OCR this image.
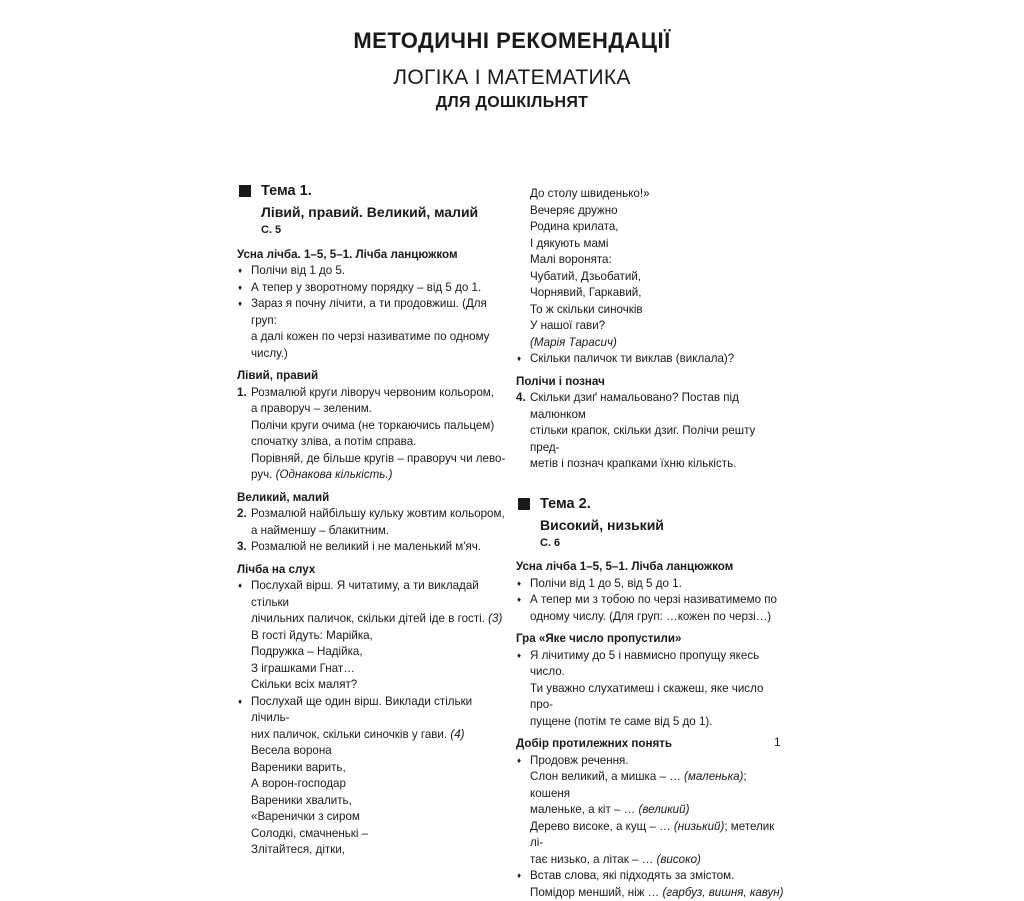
МЕТОДИЧНІ РЕКОМЕНДАЦІЇ
ЛОГІКА І МАТЕМАТИКА
ДЛЯ ДОШКІЛЬНЯТ
Тема 1.
Лівий, правий. Великий, малий
С. 5
Усна лічба. 1–5, 5–1. Лічба ланцюжком
♦ Полічи від 1 до 5.
♦ А тепер у зворотному порядку – від 5 до 1.
♦ Зараз я почну лічити, а ти продовжиш. (Для груп:
а далі кожен по черзі називатиме по одному
числу.)
Лівий, правий
1. Розмалюй круги ліворуч червоним кольором,
а праворуч – зеленим.
Полічи круги очима (не торкаючись пальцем)
спочатку зліва, а потім справа.
Порівняй, де більше кругів – праворуч чи лево-
руч. (Однакова кількість.)
Великий, малий
2. Розмалюй найбільшу кульку жовтим кольором,
а найменшу – блакитним.
3. Розмалюй не великий і не маленький м'яч.
Лічба на слух
♦ Послухай вірш. Я читатиму, а ти викладай стільки
лічильних паличок, скільки дітей іде в гості. (3)
В гості йдуть: Марійка,
Подружка – Надійка,
З іграшками Гнат…
Скільки всіх малят?
♦ Послухай ще один вірш. Виклади стільки лічиль-
них паличок, скільки синочків у гави. (4)
Весела ворона
Вареники варить,
А ворон-господар
Вареники хвалить,
«Варенички з сиром
Солодкі, смачненькі –
Злітайтеся, дітки,
До столу швиденько!»
Вечеряє дружно
Родина крилата,
І дякують мамі
Малі воронята:
Чубатий, Дзьобатий,
Чорнявий, Гаркавий,
То ж скільки синочків
У нашої гави?
(Марія Тарасич)
♦ Скільки паличок ти виклав (виклала)?
Полічи і познач
4. Скільки дзиґ намальовано? Постав під малюнком
стільки крапок, скільки дзиг. Полічи решту пред-
метів і познач крапками їхню кількість.
Тема 2.
Високий, низький
С. 6
Усна лічба 1–5, 5–1. Лічба ланцюжком
♦ Полічи від 1 до 5, від 5 до 1.
♦ А тепер ми з тобою по черзі називатимемо по
одному числу. (Для груп: …кожен по черзі…)
Гра «Яке число пропустили»
♦ Я лічитиму до 5 і навмисно пропущу якесь число.
Ти уважно слухатимеш і скажеш, яке число про-
пущене (потім те саме від 5 до 1).
Добір протилежних понять
♦ Продовж речення.
Слон великий, а мишка – … (маленька); кошеня
маленьке, а кіт – … (великий)
Дерево високе, а кущ – … (низький); метелик лі-
тає низько, а літак – … (високо)
♦ Встав слова, які підходять за змістом.
Помідор менший, ніж … (гарбуз, вишня, кавун)
1
